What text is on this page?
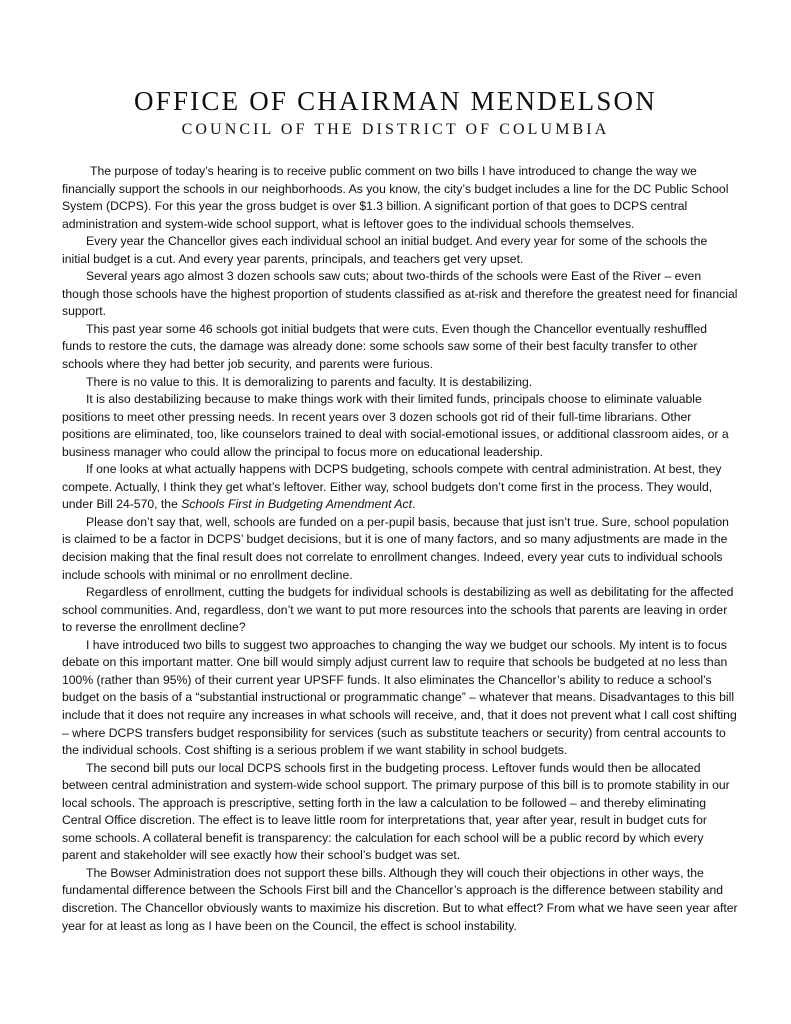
OFFICE OF CHAIRMAN MENDELSON
COUNCIL OF THE DISTRICT OF COLUMBIA

The purpose of today’s hearing is to receive public comment on two bills I have introduced to change the way we financially support the schools in our neighborhoods. As you know, the city’s budget includes a line for the DC Public School System (DCPS). For this year the gross budget is over $1.3 billion. A significant portion of that goes to DCPS central administration and system-wide school support, what is leftover goes to the individual schools themselves.

Every year the Chancellor gives each individual school an initial budget. And every year for some of the schools the initial budget is a cut. And every year parents, principals, and teachers get very upset.

Several years ago almost 3 dozen schools saw cuts; about two-thirds of the schools were East of the River – even though those schools have the highest proportion of students classified as at-risk and therefore the greatest need for financial support.

This past year some 46 schools got initial budgets that were cuts. Even though the Chancellor eventually reshuffled funds to restore the cuts, the damage was already done: some schools saw some of their best faculty transfer to other schools where they had better job security, and parents were furious.

There is no value to this. It is demoralizing to parents and faculty. It is destabilizing.

It is also destabilizing because to make things work with their limited funds, principals choose to eliminate valuable positions to meet other pressing needs. In recent years over 3 dozen schools got rid of their full-time librarians. Other positions are eliminated, too, like counselors trained to deal with social-emotional issues, or additional classroom aides, or a business manager who could allow the principal to focus more on educational leadership.

If one looks at what actually happens with DCPS budgeting, schools compete with central administration. At best, they compete. Actually, I think they get what’s leftover. Either way, school budgets don’t come first in the process. They would, under Bill 24-570, the Schools First in Budgeting Amendment Act.

Please don’t say that, well, schools are funded on a per-pupil basis, because that just isn’t true. Sure, school population is claimed to be a factor in DCPS’ budget decisions, but it is one of many factors, and so many adjustments are made in the decision making that the final result does not correlate to enrollment changes. Indeed, every year cuts to individual schools include schools with minimal or no enrollment decline.

Regardless of enrollment, cutting the budgets for individual schools is destabilizing as well as debilitating for the affected school communities. And, regardless, don’t we want to put more resources into the schools that parents are leaving in order to reverse the enrollment decline?

I have introduced two bills to suggest two approaches to changing the way we budget our schools. My intent is to focus debate on this important matter. One bill would simply adjust current law to require that schools be budgeted at no less than 100% (rather than 95%) of their current year UPSFF funds. It also eliminates the Chancellor’s ability to reduce a school’s budget on the basis of a “substantial instructional or programmatic change” – whatever that means. Disadvantages to this bill include that it does not require any increases in what schools will receive, and, that it does not prevent what I call cost shifting – where DCPS transfers budget responsibility for services (such as substitute teachers or security) from central accounts to the individual schools. Cost shifting is a serious problem if we want stability in school budgets.

The second bill puts our local DCPS schools first in the budgeting process. Leftover funds would then be allocated between central administration and system-wide school support. The primary purpose of this bill is to promote stability in our local schools. The approach is prescriptive, setting forth in the law a calculation to be followed – and thereby eliminating Central Office discretion. The effect is to leave little room for interpretations that, year after year, result in budget cuts for some schools. A collateral benefit is transparency: the calculation for each school will be a public record by which every parent and stakeholder will see exactly how their school’s budget was set.

The Bowser Administration does not support these bills. Although they will couch their objections in other ways, the fundamental difference between the Schools First bill and the Chancellor’s approach is the difference between stability and discretion. The Chancellor obviously wants to maximize his discretion. But to what effect? From what we have seen year after year for at least as long as I have been on the Council, the effect is school instability.
